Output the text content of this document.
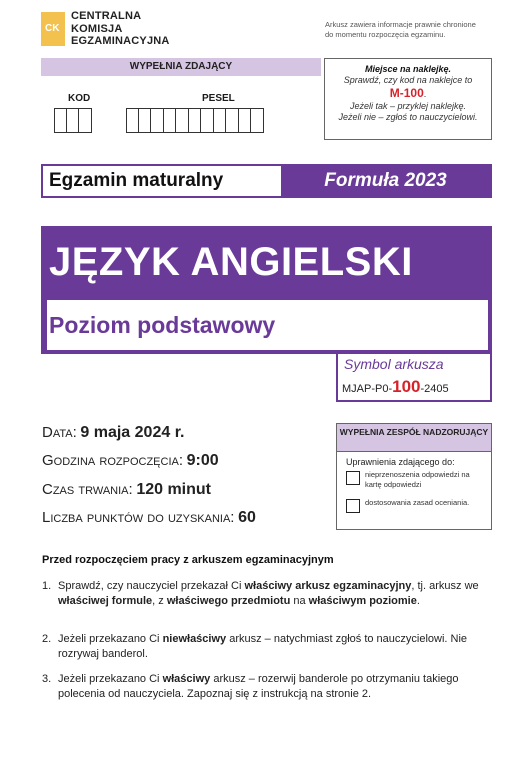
CK
CENTRALNA
KOMISJA
EGZAMINACYJNA
Arkusz zawiera informacje prawnie chronione
do momentu rozpoczęcia egzaminu.
WYPEŁNIA ZDAJĄCY
KOD	PESEL
Miejsce na naklejkę.
Sprawdź, czy kod na naklejce to
M-100.
Jeżeli tak – przyklej naklejkę.
Jeżeli nie – zgłoś to nauczycielowi.
Egzamin maturalny	Formuła 2023
JĘZYK ANGIELSKI
Poziom podstawowy
Symbol arkusza
MJAP-P0-100-2405
Data: 9 maja 2024 r.
Godzina rozpoczęcia: 9:00
Czas trwania: 120 minut
Liczba punktów do uzyskania: 60
WYPEŁNIA ZESPÓŁ NADZORUJĄCY
Uprawnienia zdającego do:
nieprzenoszenia odpowiedzi na kartę odpowiedzi
dostosowania zasad oceniania.
Przed rozpoczęciem pracy z arkuszem egzaminacyjnym
1. Sprawdź, czy nauczyciel przekazał Ci właściwy arkusz egzaminacyjny, tj. arkusz we właściwej formule, z właściwego przedmiotu na właściwym poziomie.
2. Jeżeli przekazano Ci niewłaściwy arkusz – natychmiast zgłoś to nauczycielowi. Nie rozrywaj banderol.
3. Jeżeli przekazano Ci właściwy arkusz – rozerwij banderole po otrzymaniu takiego polecenia od nauczyciela. Zapoznaj się z instrukcją na stronie 2.
